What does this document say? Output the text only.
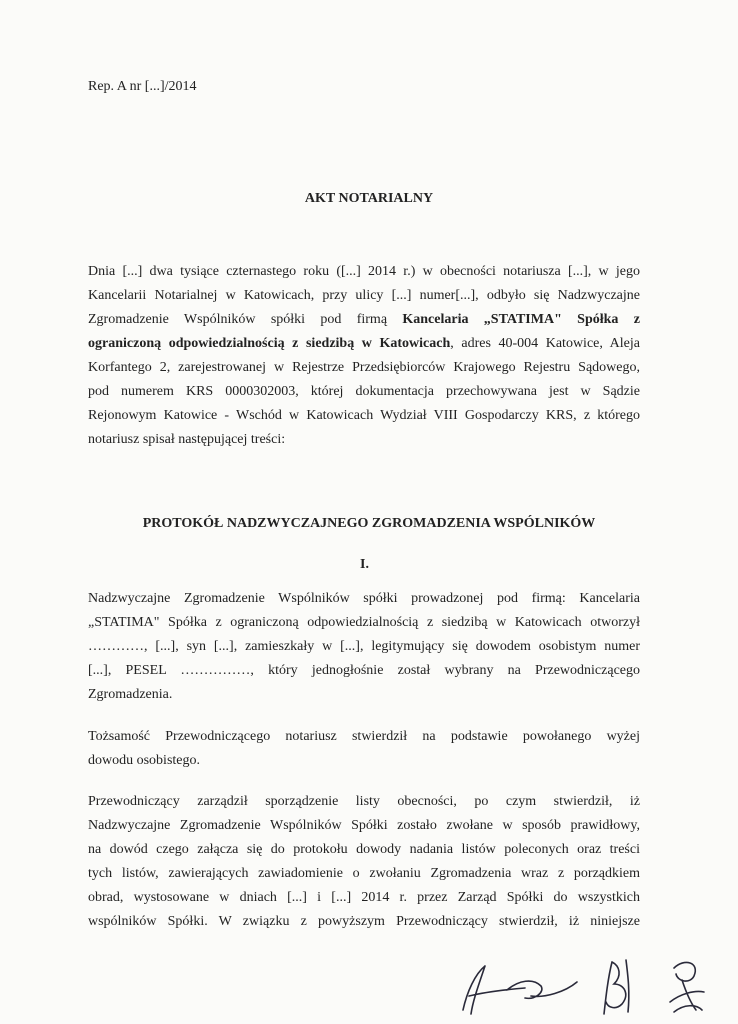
Rep. A nr [...]/2014
AKT NOTARIALNY
Dnia [...] dwa tysiące czternastego roku ([...] 2014 r.) w obecności notariusza [...], w jego
Kancelarii Notarialnej w Katowicach, przy ulicy [...] numer[...], odbyło się Nadzwyczajne
Zgromadzenie Wspólników spółki pod firmą Kancelaria „STATIMA" Spółka z
ograniczoną odpowiedzialnością z siedzibą w Katowicach, adres 40-004 Katowice, Aleja
Korfantego 2, zarejestrowanej w Rejestrze Przedsiębiorców Krajowego Rejestru Sądowego,
pod numerem KRS 0000302003, której dokumentacja przechowywana jest w Sądzie
Rejonowym Katowice - Wschód w Katowicach Wydział VIII Gospodarczy KRS, z którego
notariusz spisał następującej treści:
PROTOKÓŁ NADZWYCZAJNEGO ZGROMADZENIA WSPÓLNIKÓW
I.
Nadzwyczajne Zgromadzenie Wspólników spółki prowadzonej pod firmą: Kancelaria
„STATIMA" Spółka z ograniczoną odpowiedzialnością z siedzibą w Katowicach otworzył
…………, [...], syn [...], zamieszkały w [...], legitymujący się dowodem osobistym numer
[...], PESEL ……………, który jednogłośnie został wybrany na Przewodniczącego
Zgromadzenia.
Tożsamość Przewodniczącego notariusz stwierdził na podstawie powołanego wyżej
dowodu osobistego.
Przewodniczący zarządził sporządzenie listy obecności, po czym stwierdził, iż
Nadzwyczajne Zgromadzenie Wspólników Spółki zostało zwołane w sposób prawidłowy,
na dowód czego załącza się do protokołu dowody nadania listów poleconych oraz treści
tych listów, zawierających zawiadomienie o zwołaniu Zgromadzenia wraz z porządkiem
obrad, wystosowane w dniach [...] i [...] 2014 r. przez Zarząd Spółki do wszystkich
wspólników Spółki. W związku z powyższym Przewodniczący stwierdził, iż niniejsze
